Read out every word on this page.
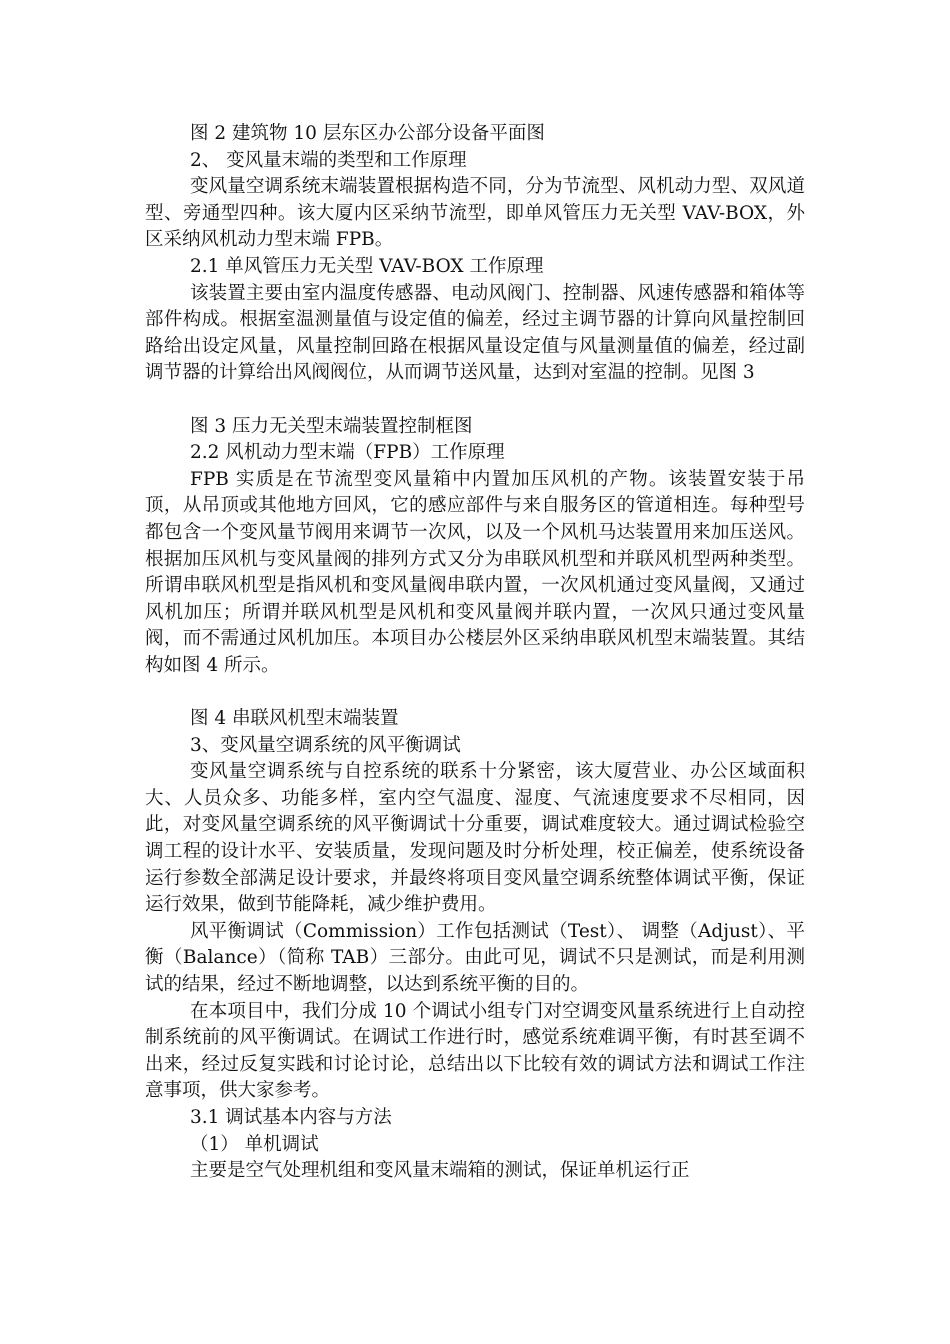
图 2 建筑物 10 层东区办公部分设备平面图

2、 变风量末端的类型和工作原理

变风量空调系统末端装置根据构造不同，分为节流型、风机动力型、双风道型、旁通型四种。该大厦内区采纳节流型，即单风管压力无关型 VAV-BOX，外区采纳风机动力型末端 FPB。

2.1 单风管压力无关型 VAV-BOX 工作原理

该装置主要由室内温度传感器、电动风阀门、控制器、风速传感器和箱体等部件构成。根据室温测量值与设定值的偏差，经过主调节器的计算向风量控制回路给出设定风量，风量控制回路在根据风量设定值与风量测量值的偏差，经过副调节器的计算给出风阀阀位，从而调节送风量，达到对室温的控制。见图 3

图 3 压力无关型末端装置控制框图

2.2 风机动力型末端（FPB）工作原理

FPB 实质是在节流型变风量箱中内置加压风机的产物。该装置安装于吊顶，从吊顶或其他地方回风，它的感应部件与来自服务区的管道相连。每种型号都包含一个变风量节阀用来调节一次风，以及一个风机马达装置用来加压送风。根据加压风机与变风量阀的排列方式又分为串联风机型和并联风机型两种类型。所谓串联风机型是指风机和变风量阀串联内置，一次风机通过变风量阀，又通过风机加压；所谓并联风机型是风机和变风量阀并联内置，一次风只通过变风量阀，而不需通过风机加压。本项目办公楼层外区采纳串联风机型末端装置。其结构如图 4 所示。

图 4 串联风机型末端装置

3、变风量空调系统的风平衡调试

变风量空调系统与自控系统的联系十分紧密，该大厦营业、办公区域面积大、人员众多、功能多样，室内空气温度、湿度、气流速度要求不尽相同，因此，对变风量空调系统的风平衡调试十分重要，调试难度较大。通过调试检验空调工程的设计水平、安装质量，发现问题及时分析处理，校正偏差，使系统设备运行参数全部满足设计要求，并最终将项目变风量空调系统整体调试平衡，保证运行效果，做到节能降耗，减少维护费用。

风平衡调试（Commission）工作包括测试（Test）、 调整（Adjust）、平衡（Balance）（简称 TAB）三部分。由此可见，调试不只是测试，而是利用测试的结果，经过不断地调整，以达到系统平衡的目的。

在本项目中，我们分成 10 个调试小组专门对空调变风量系统进行上自动控制系统前的风平衡调试。在调试工作进行时，感觉系统难调平衡，有时甚至调不出来，经过反复实践和讨论讨论，总结出以下比较有效的调试方法和调试工作注意事项，供大家参考。

3.1 调试基本内容与方法

（1） 单机调试

主要是空气处理机组和变风量末端箱的测试，保证单机运行正
